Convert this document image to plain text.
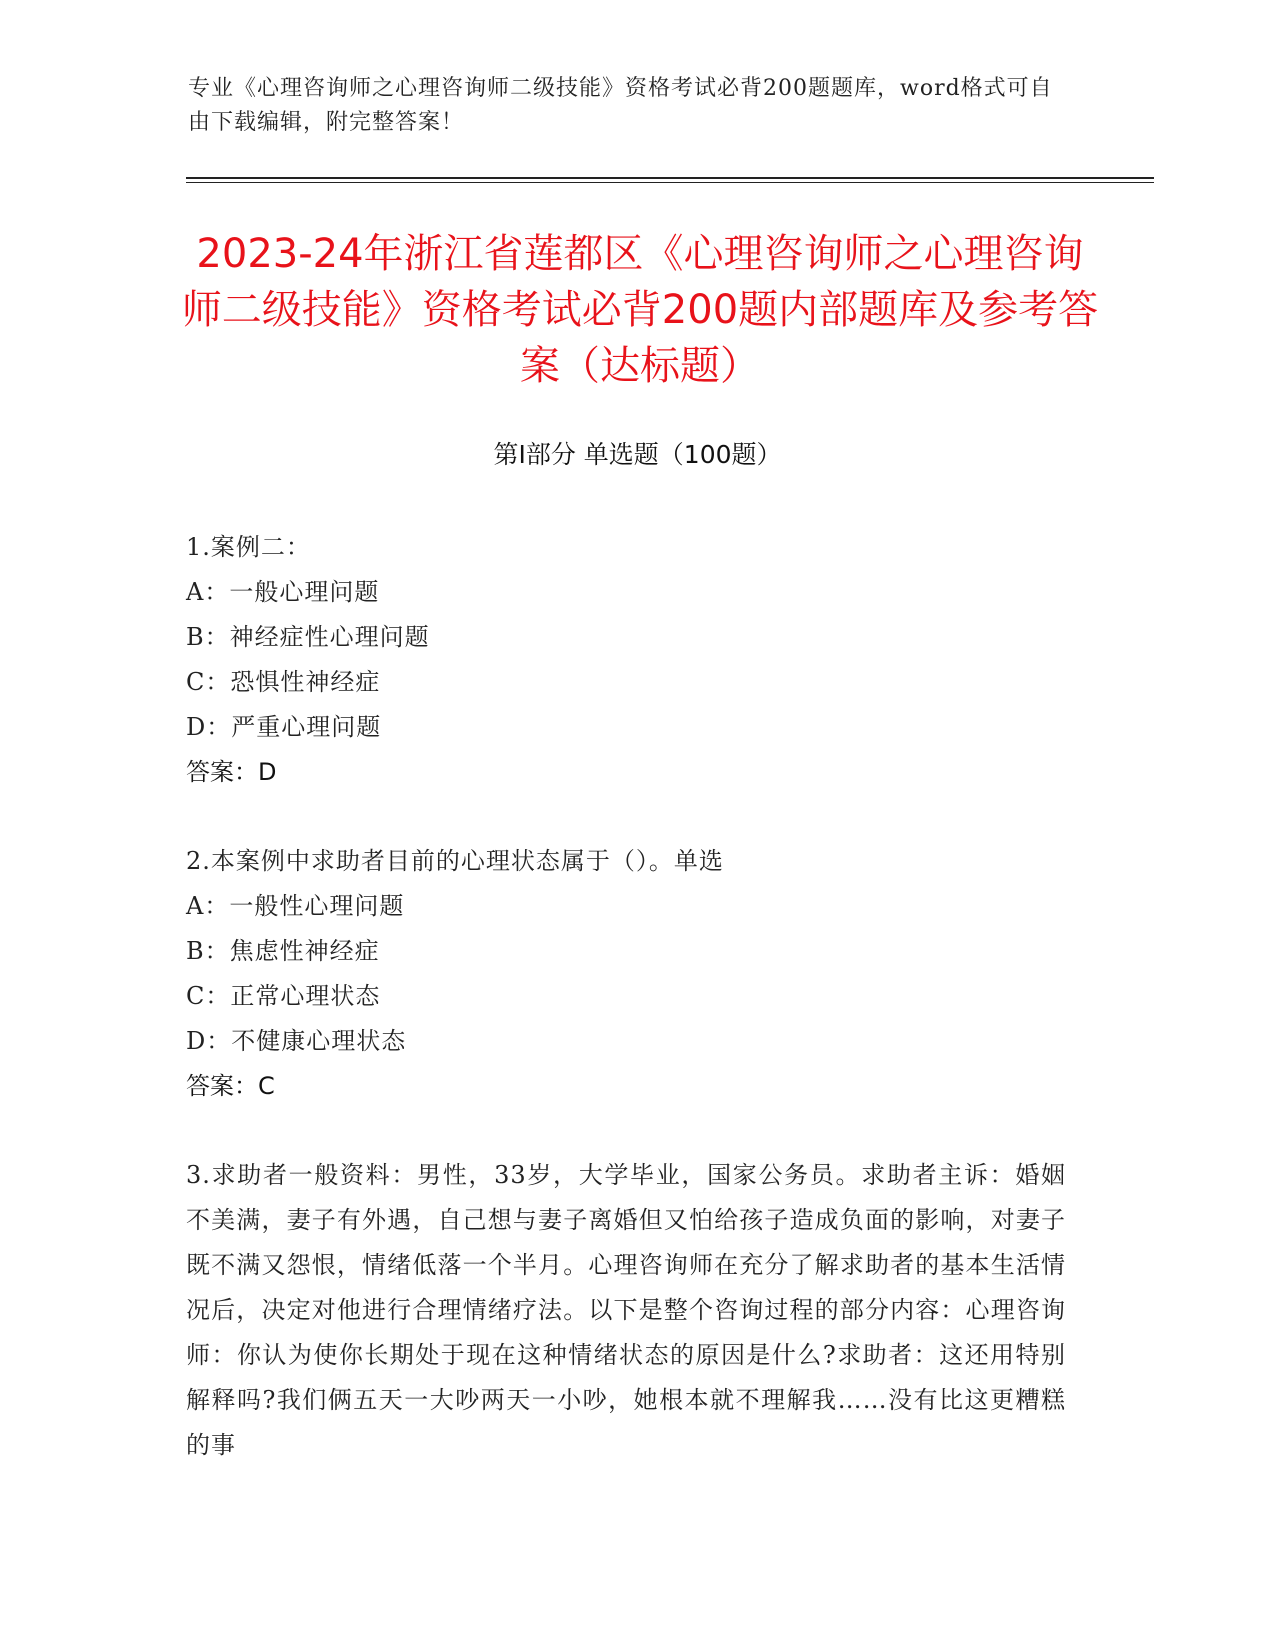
专业《心理咨询师之心理咨询师二级技能》资格考试必背200题题库，word格式可自由下载编辑，附完整答案！
2023-24年浙江省莲都区《心理咨询师之心理咨询师二级技能》资格考试必背200题内部题库及参考答案（达标题）
第Ⅰ部分 单选题（100题）

1.案例二：

A：一般心理问题

B：神经症性心理问题

C：恐惧性神经症

D：严重心理问题

答案：D

2.本案例中求助者目前的心理状态属于（）。单选

A：一般性心理问题

B：焦虑性神经症

C：正常心理状态

D：不健康心理状态

答案：C

3.求助者一般资料：男性，33岁，大学毕业，国家公务员。求助者主诉：婚姻不美满，妻子有外遇，自己想与妻子离婚但又怕给孩子造成负面的影响，对妻子既不满又怨恨，情绪低落一个半月。心理咨询师在充分了解求助者的基本生活情况后，决定对他进行合理情绪疗法。以下是整个咨询过程的部分内容：心理咨询师：你认为使你长期处于现在这种情绪状态的原因是什么?求助者：这还用特别解释吗?我们俩五天一大吵两天一小吵，她根本就不理解我……没有比这更糟糕的事
